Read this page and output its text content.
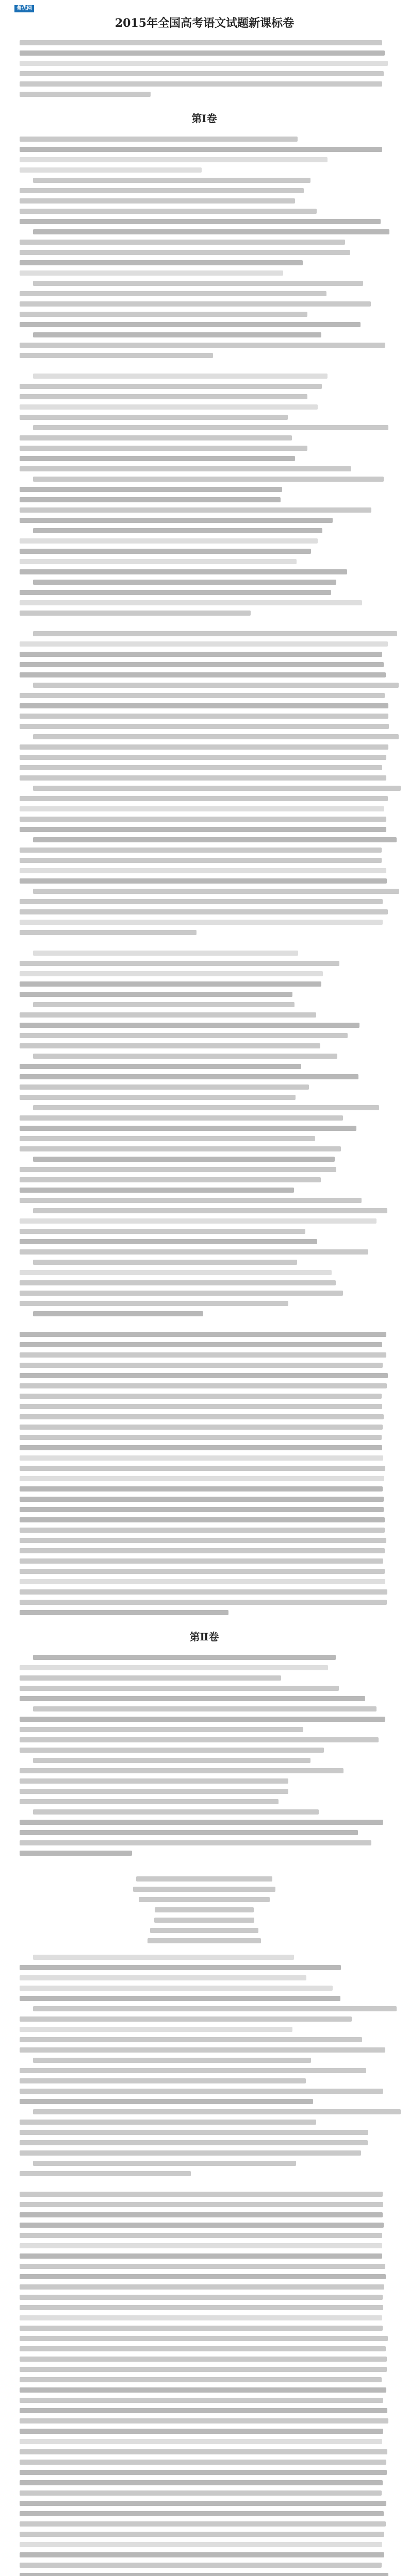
菁优网
2015年全国高考语文试题新课标卷
第Ⅰ卷
第Ⅱ卷
